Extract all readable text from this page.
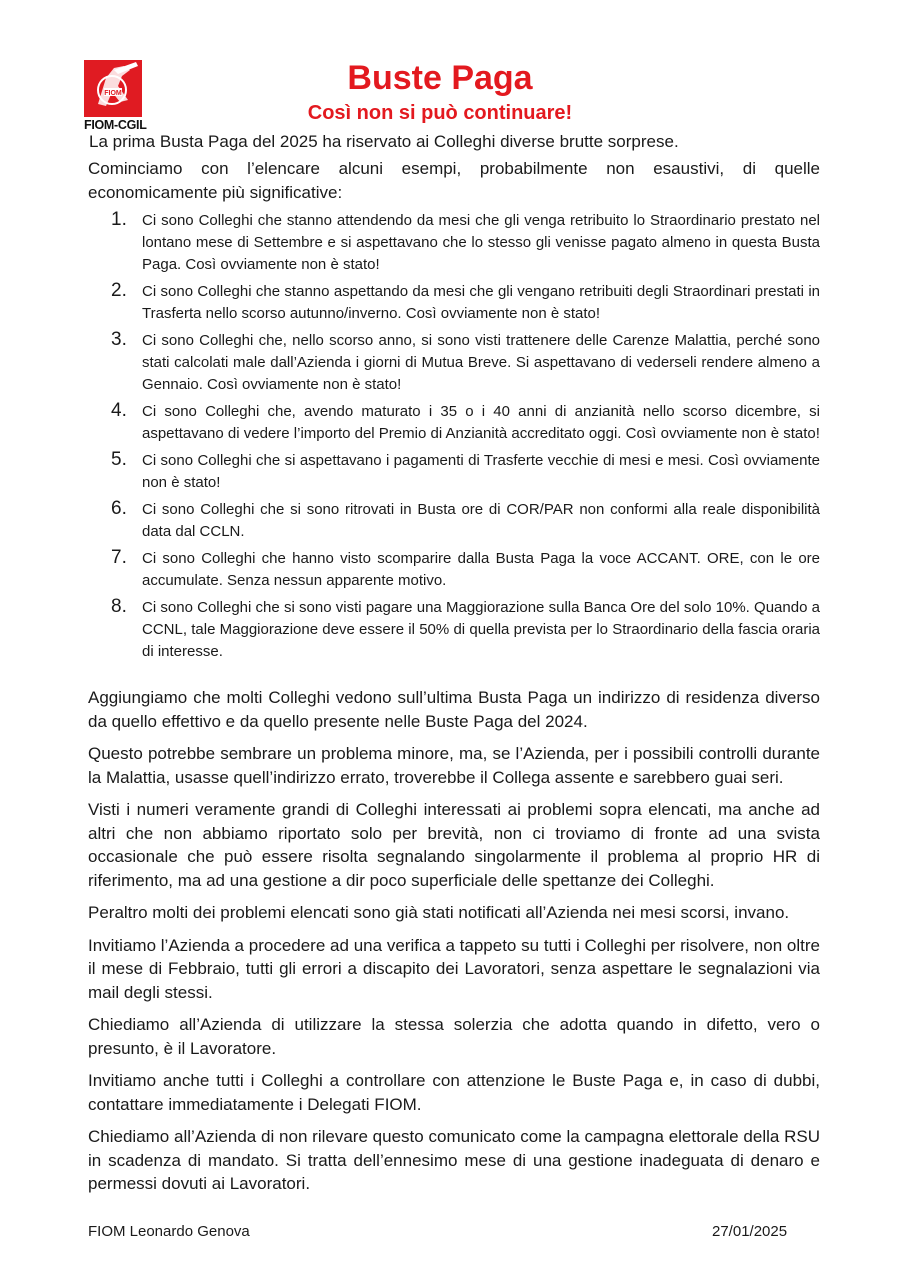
FIOM
FIOM-CGIL
Buste Paga
Così non si può continuare!
La prima Busta Paga del 2025 ha riservato ai Colleghi diverse brutte sorprese.
Cominciamo con l’elencare alcuni esempi, probabilmente non esaustivi, di quelle economicamente più significative:
1. Ci sono Colleghi che stanno attendendo da mesi che gli venga retribuito lo Straordinario prestato nel lontano mese di Settembre e si aspettavano che lo stesso gli venisse pagato almeno in questa Busta Paga. Così ovviamente non è stato!
2. Ci sono Colleghi che stanno aspettando da mesi che gli vengano retribuiti degli Straordinari prestati in Trasferta nello scorso autunno/inverno. Così ovviamente non è stato!
3. Ci sono Colleghi che, nello scorso anno, si sono visti trattenere delle Carenze Malattia, perché sono stati calcolati male dall’Azienda i giorni di Mutua Breve. Si aspettavano di vederseli rendere almeno a Gennaio. Così ovviamente non è stato!
4. Ci sono Colleghi che, avendo maturato i 35 o i 40 anni di anzianità nello scorso dicembre, si aspettavano di vedere l’importo del Premio di Anzianità accreditato oggi. Così ovviamente non è stato!
5. Ci sono Colleghi che si aspettavano i pagamenti di Trasferte vecchie di mesi e mesi. Così ovviamente non è stato!
6. Ci sono Colleghi che si sono ritrovati in Busta ore di COR/PAR non conformi alla reale disponibilità data dal CCLN.
7. Ci sono Colleghi che hanno visto scomparire dalla Busta Paga la voce ACCANT. ORE, con le ore accumulate. Senza nessun apparente motivo.
8. Ci sono Colleghi che si sono visti pagare una Maggiorazione sulla Banca Ore del solo 10%. Quando a CCNL, tale Maggiorazione deve essere il 50% di quella prevista per lo Straordinario della fascia oraria di interesse.

Aggiungiamo che molti Colleghi vedono sull’ultima Busta Paga un indirizzo di residenza diverso da quello effettivo e da quello presente nelle Buste Paga del 2024.

Questo potrebbe sembrare un problema minore, ma, se l’Azienda, per i possibili controlli durante la Malattia, usasse quell’indirizzo errato, troverebbe il Collega assente e sarebbero guai seri.

Visti i numeri veramente grandi di Colleghi interessati ai problemi sopra elencati, ma anche ad altri che non abbiamo riportato solo per brevità, non ci troviamo di fronte ad una svista occasionale che può essere risolta segnalando singolarmente il problema al proprio HR di riferimento, ma ad una gestione a dir poco superficiale delle spettanze dei Colleghi.

Peraltro molti dei problemi elencati sono già stati notificati all’Azienda nei mesi scorsi, invano.

Invitiamo l’Azienda a procedere ad una verifica a tappeto su tutti i Colleghi per risolvere, non oltre il mese di Febbraio, tutti gli errori a discapito dei Lavoratori, senza aspettare le segnalazioni via mail degli stessi.

Chiediamo all’Azienda di utilizzare la stessa solerzia che adotta quando in difetto, vero o presunto, è il Lavoratore.

Invitiamo anche tutti i Colleghi a controllare con attenzione le Buste Paga e, in caso di dubbi, contattare immediatamente i Delegati FIOM.

Chiediamo all’Azienda di non rilevare questo comunicato come la campagna elettorale della RSU in scadenza di mandato. Si tratta dell’ennesimo mese di una gestione inadeguata di denaro e permessi dovuti ai Lavoratori.

FIOM Leonardo Genova	27/01/2025
